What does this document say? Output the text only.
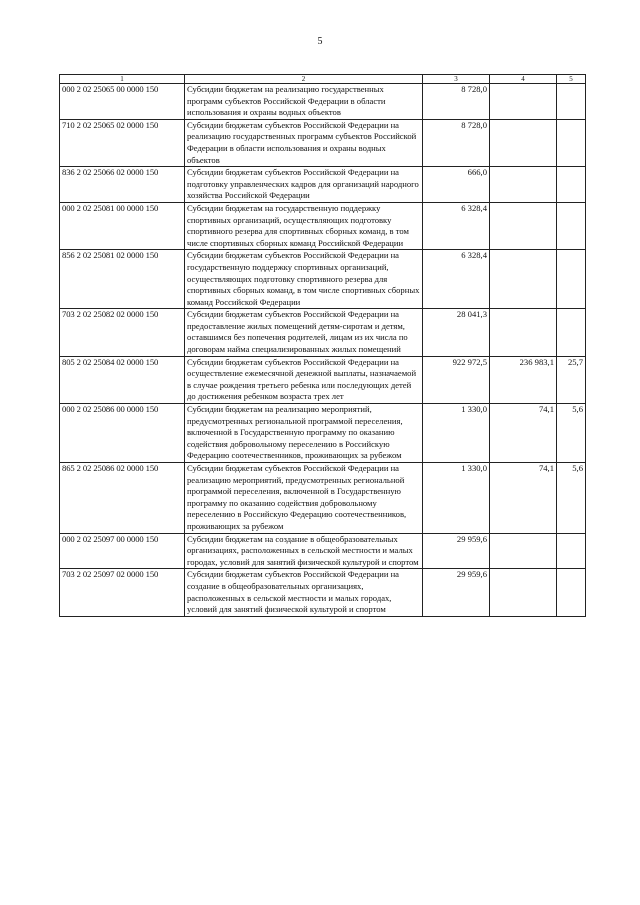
5
1	2	3	4	5
000 2 02 25065 00 0000 150	Субсидии бюджетам на реализацию государственных программ субъектов Российской Федерации в области использования и охраны водных объектов	8 728,0		
710 2 02 25065 02 0000 150	Субсидии бюджетам субъектов Российской Федерации на реализацию государственных программ субъектов Российской Федерации в области использования и охраны водных объектов	8 728,0		
836 2 02 25066 02 0000 150	Субсидии бюджетам субъектов Российской Федерации на подготовку управленческих кадров для организаций народного хозяйства Российской Федерации	666,0		
000 2 02 25081 00 0000 150	Субсидии бюджетам на государственную поддержку спортивных организаций, осуществляющих подготовку спортивного резерва для спортивных сборных команд, в том числе спортивных сборных команд Российской Федерации	6 328,4		
856 2 02 25081 02 0000 150	Субсидии бюджетам субъектов Российской Федерации на государственную поддержку спортивных организаций, осуществляющих подготовку спортивного резерва для спортивных сборных команд, в том числе спортивных сборных команд Российской Федерации	6 328,4		
703 2 02 25082 02 0000 150	Субсидии бюджетам субъектов Российской Федерации на предоставление жилых помещений детям-сиротам и детям, оставшимся без попечения родителей, лицам из их числа по договорам найма специализированных жилых помещений	28 041,3		
805 2 02 25084 02 0000 150	Субсидии бюджетам субъектов Российской Федерации на осуществление ежемесячной денежной выплаты, назначаемой в случае рождения третьего ребенка или последующих детей до достижения ребенком возраста трех лет	922 972,5	236 983,1	25,7
000 2 02 25086 00 0000 150	Субсидии бюджетам на реализацию мероприятий, предусмотренных региональной программой переселения, включенной в Государственную программу по оказанию содействия добровольному переселению в Российскую Федерацию соотечественников, проживающих за рубежом	1 330,0	74,1	5,6
865 2 02 25086 02 0000 150	Субсидии бюджетам субъектов Российской Федерации на реализацию мероприятий, предусмотренных региональной программой переселения, включенной в Государственную программу по оказанию содействия добровольному переселению в Российскую Федерацию соотечественников, проживающих за рубежом	1 330,0	74,1	5,6
000 2 02 25097 00 0000 150	Субсидии бюджетам на создание в общеобразовательных организациях, расположенных в сельской местности и малых городах, условий для занятий физической культурой и спортом	29 959,6		
703 2 02 25097 02 0000 150	Субсидии бюджетам субъектов Российской Федерации на создание в общеобразовательных организациях, расположенных в сельской местности и малых городах, условий для занятий физической культурой и спортом	29 959,6		
